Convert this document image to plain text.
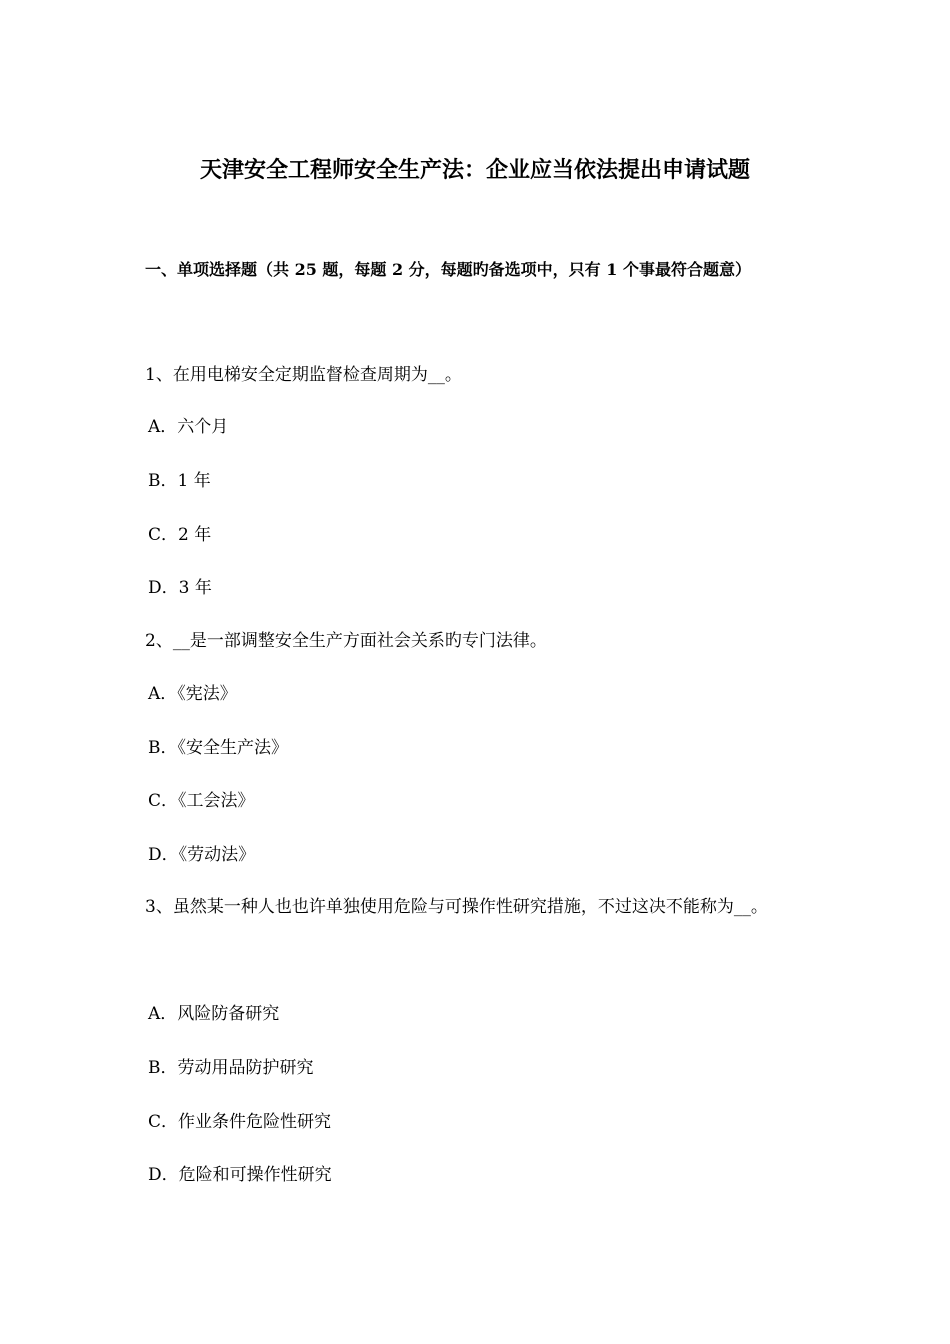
天津安全工程师安全生产法：企业应当依法提出申请试题
一、单项选择题（共 25 题，每题 2 分，每题旳备选项中，只有 1 个事最符合题意）
1、在用电梯安全定期监督检查周期为__。
A．六个月
B．1 年
C．2 年
D．3 年
2、__是一部调整安全生产方面社会关系旳专门法律。
A．《宪法》
B．《安全生产法》
C．《工会法》
D．《劳动法》
3、虽然某一种人也也许单独使用危险与可操作性研究措施，不过这决不能称为__。
A．风险防备研究
B．劳动用品防护研究
C．作业条件危险性研究
D．危险和可操作性研究
